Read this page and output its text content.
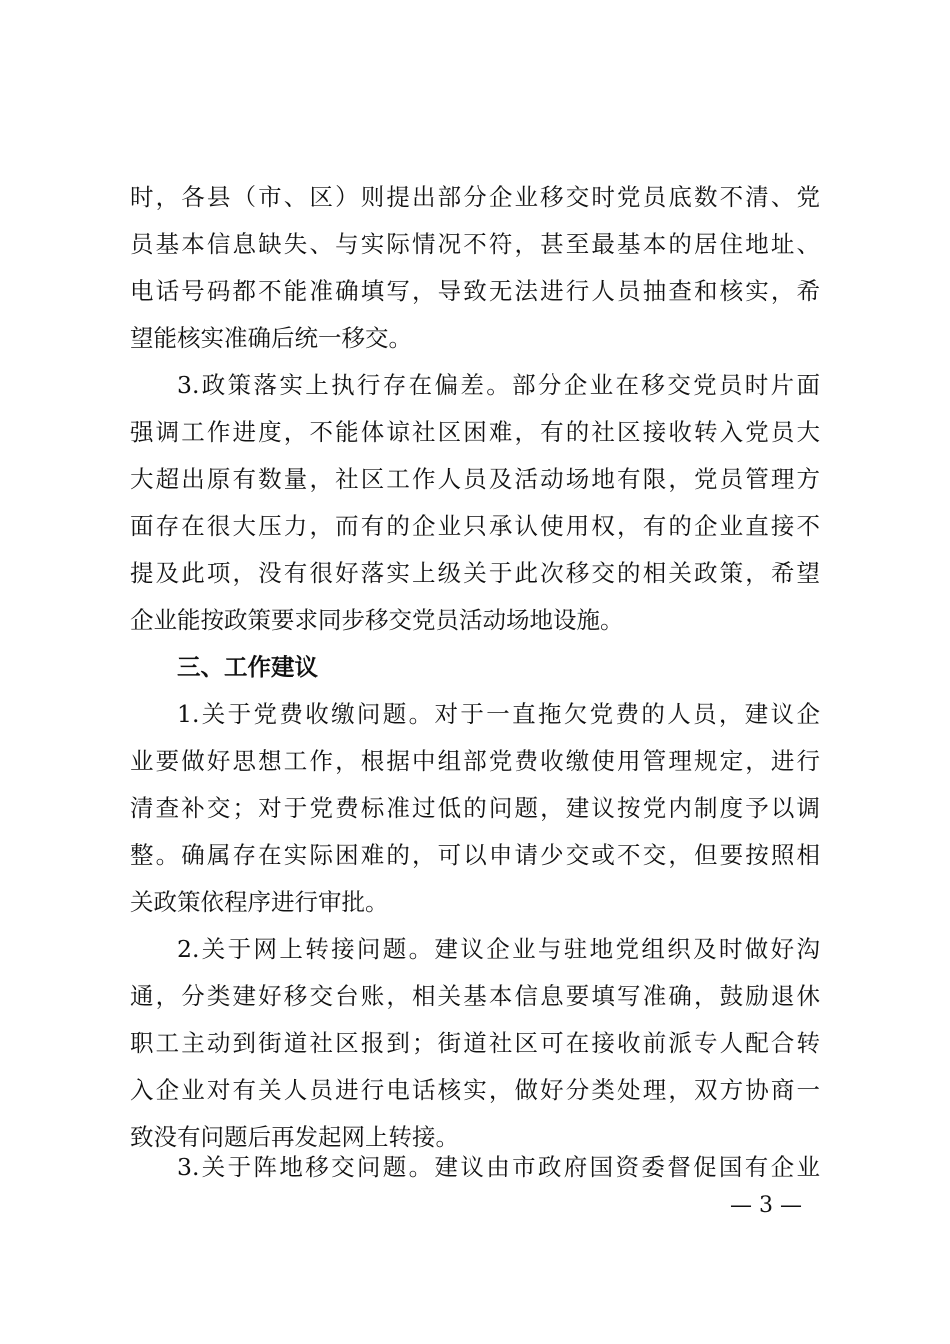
时，各县（市、区）则提出部分企业移交时党员底数不清、党
员基本信息缺失、与实际情况不符，甚至最基本的居住地址、
电话号码都不能准确填写，导致无法进行人员抽查和核实，希
望能核实准确后统一移交。
3.政策落实上执行存在偏差。部分企业在移交党员时片面
强调工作进度，不能体谅社区困难，有的社区接收转入党员大
大超出原有数量，社区工作人员及活动场地有限，党员管理方
面存在很大压力，而有的企业只承认使用权，有的企业直接不
提及此项，没有很好落实上级关于此次移交的相关政策，希望
企业能按政策要求同步移交党员活动场地设施。
三、工作建议
1.关于党费收缴问题。对于一直拖欠党费的人员，建议企
业要做好思想工作，根据中组部党费收缴使用管理规定，进行
清查补交；对于党费标准过低的问题，建议按党内制度予以调
整。确属存在实际困难的，可以申请少交或不交，但要按照相
关政策依程序进行审批。
2.关于网上转接问题。建议企业与驻地党组织及时做好沟
通，分类建好移交台账，相关基本信息要填写准确，鼓励退休
职工主动到街道社区报到；街道社区可在接收前派专人配合转
入企业对有关人员进行电话核实，做好分类处理，双方协商一
致没有问题后再发起网上转接。
3.关于阵地移交问题。建议由市政府国资委督促国有企业
— 3 —
